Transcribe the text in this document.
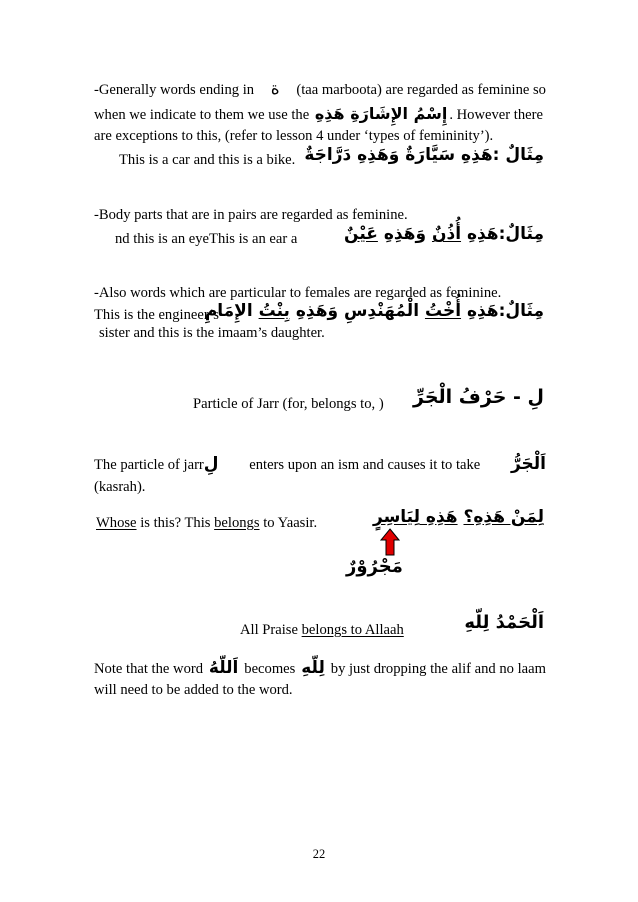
-Generally words ending in ة (taa marboota) are regarded as feminine so
when we indicate to them we use the إِسْمُ الإِشَارَةِ هَذِهِ . However there
are exceptions to this, (refer to lesson 4 under ‘types of femininity’).
This is a car and this is a bike. مِثَالٌ :هَذِهِ سَيَّارَةٌ وَهَذِهِ دَرَّاجَةٌ
-Body parts that are in pairs are regarded as feminine.
nd this is an eyeThis is an ear a	مِثَالٌ:هَذِهِ أُذُنٌ وَهَذِهِ عَيْنٌ
-Also words which are particular to females are regarded as feminine.
This is the engineer’s
sister and this is the imaam’s daughter.
مِثَالٌ:هَذِهِ أُخْتُ الْمُهَنْدِسِ وَهَذِهِ بِنْتُ الإِمَامِ
Particle of Jarr (for, belongs to, ) لِ - حَرْفُ الْجَرِّ
The particle of jarrلِ enters upon an ism and causes it to take اَلْجَرُّ
(kasrah).
Whose is this? This belongs to Yaasir.	لِمَنْ هَذِهِ؟ هَذِهِ لِيَاسِرٍ
مَجْرُوْرٌ
All Praise belongs to Allaah	اَلْحَمْدُ لِلّهِ
Note that the word اَللّهُ becomes لِلّهِ by just dropping the alif and no laam
will need to be added to the word.
22
